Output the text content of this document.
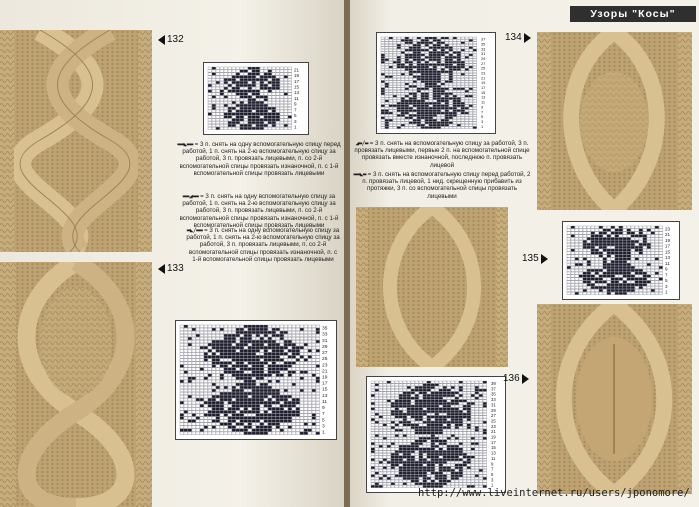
Узоры "Косы"
132
21
19
17
15
13
11
9
7
5
3
1
▬▬◣▬▬ = 3 п. снять на одну вспомогательную спицу перед работой, 1 п. снять на 2-ю вспомогательную спицу за работой, 3 п. провязать лицевыми, п. со 2-й вспомогательной спицы провязать изнаночной, п. с 1-й вспомогательной спицы провязать лицевыми
▬▬◢▬▬ = 3 п. снять на одну вспомогательную спицу за работой, 1 п. снять на 2-ю вспомогательную спицу за работой, 3 п. провязать лицевыми, п. со 2-й вспомогательной спицы провязать изнаночной, п. с 1-й вспомогательной спицы провязать лицевыми
133
▬◣/▬▬ = 3 п. снять на одну вспомогательную спицу за работой, 1 п. снять на 2-ю вспомогательную спицу за работой, 3 п. провязать лицевыми, п. со 2-й вспомогательной спицы провязать изнаночной, п. с 1-й вспомогательной спицы провязать лицевыми
35
33
31
29
27
25
23
21
19
17
15
13
11
9
7
5
3
1
37
35
33
31
29
27
25
23
21
19
17
15
13
11
9
7
5
3
1
134
◢▬/▬ = 3 п. снять на вспомогательную спицу за работой, 3 п. провязать лицевыми, первые 2 п. на вспомогательной спице провязать вместе изнаночной, последнюю п. провязать лицевой
▬▬◣▬ = 3 п. снять на вспомогательную спицу перед работой, 2 п. провязать лицевой, 1 нид. скрещенную прибавить из протяжки, 3 п. со вспомогательной спицы провязать лицевыми
23
21
19
17
15
13
11
9
7
5
3
1
135
39
37
35
33
31
29
27
25
23
21
19
17
15
13
11
9
7
5
3
1
136
http://www.liveinternet.ru/users/jponomore/
